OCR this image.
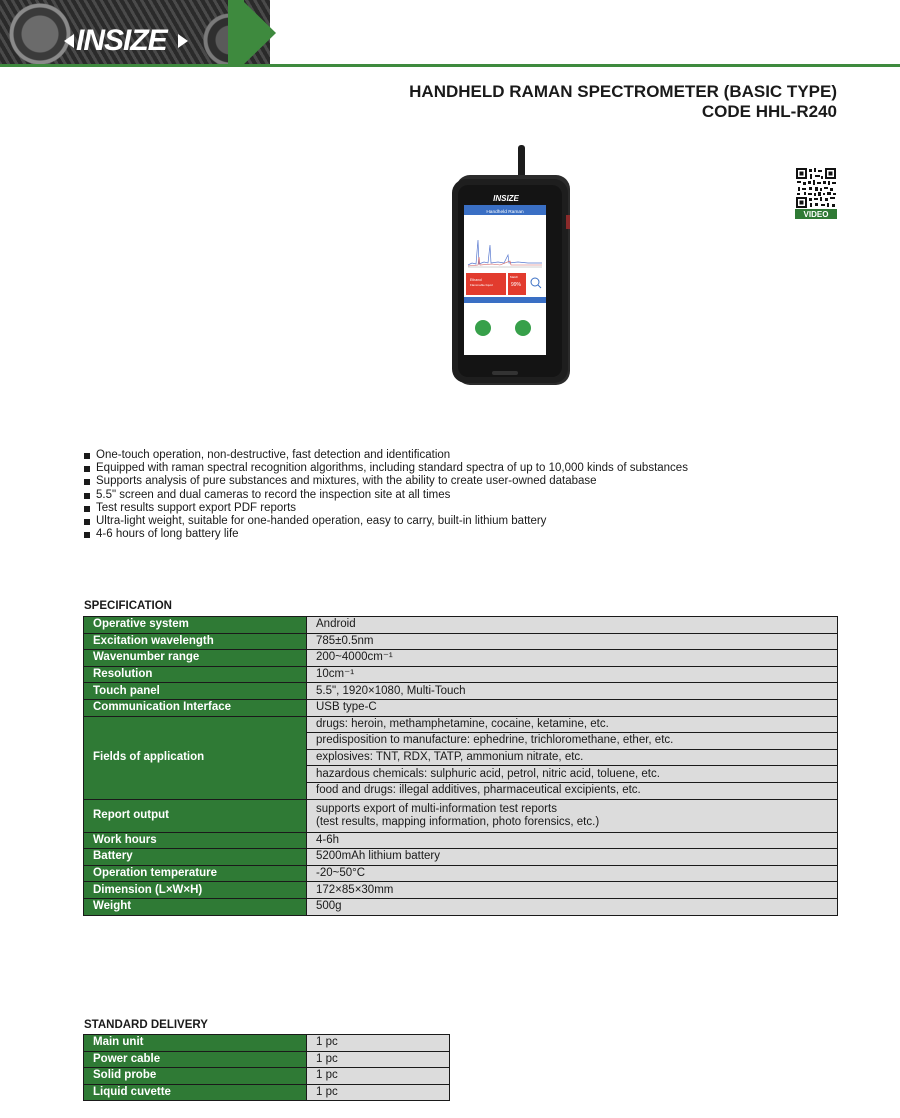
INSIZE
HANDHELD RAMAN SPECTROMETER (BASIC TYPE)
CODE HHL-R240
INSIZE
Handheld Raman
Ethanol
Flammable liquid
Match
99%
VIDEO
One-touch operation, non-destructive, fast detection and identification
Equipped with raman spectral recognition algorithms, including standard spectra of up to 10,000 kinds of substances
Supports analysis of pure substances and mixtures, with the ability to create user-owned database
5.5" screen and dual cameras to record the inspection site at all times
Test results support export PDF reports
Ultra-light weight, suitable for one-handed operation, easy to carry, built-in lithium battery
4-6 hours of long battery life
SPECIFICATION
Operative system	Android
Excitation wavelength	785±0.5nm
Wavenumber range	200~4000cm⁻¹
Resolution	10cm⁻¹
Touch panel	5.5", 1920×1080, Multi-Touch
Communication Interface	USB type-C
Fields of application	drugs: heroin, methamphetamine, cocaine, ketamine, etc.
	predisposition to manufacture: ephedrine, trichloromethane, ether, etc.
	explosives: TNT, RDX, TATP, ammonium nitrate, etc.
	hazardous chemicals: sulphuric acid, petrol, nitric acid, toluene, etc.
	food and drugs: illegal additives, pharmaceutical excipients, etc.
Report output	supports export of multi-information test reports
(test results, mapping information, photo forensics, etc.)

Work hours	4-6h
Battery	5200mAh lithium battery
Operation temperature	-20~50°C
Dimension (L×W×H)	172×85×30mm
Weight	500g
STANDARD DELIVERY
Main unit	1 pc
Power cable	1 pc
Solid probe	1 pc
Liquid cuvette	1 pc
